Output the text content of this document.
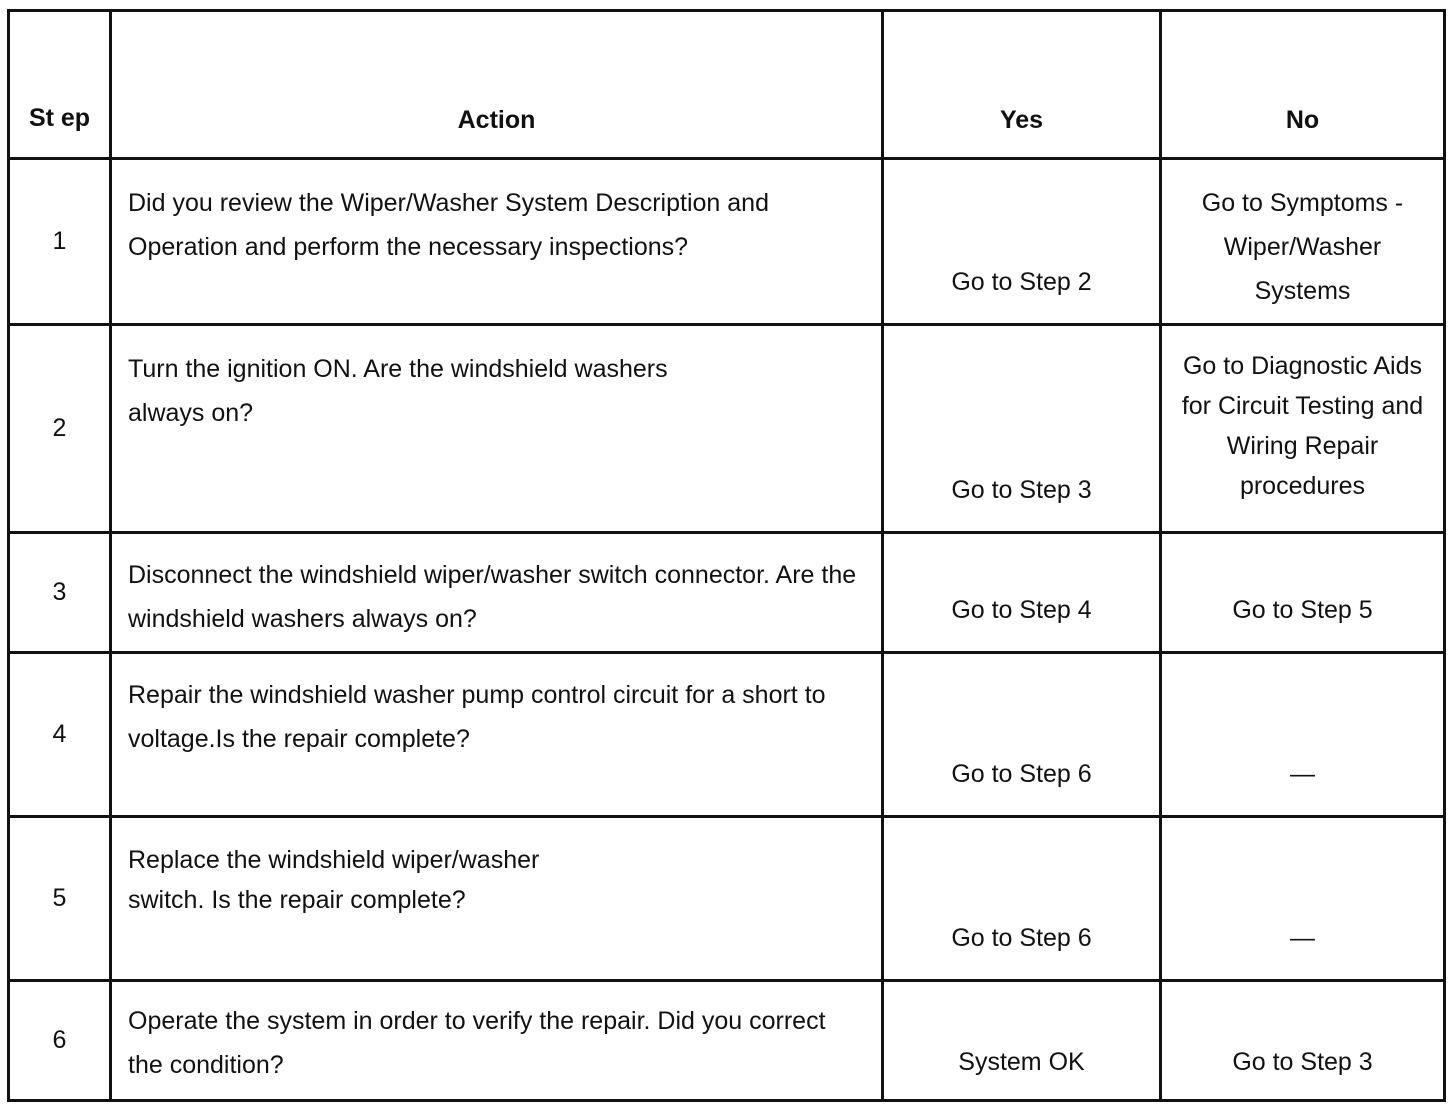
St ep	Action	Yes	No
1	Did you review the Wiper/Washer System Description and Operation and perform the necessary inspections?	Go to Step 2	Go to Symptoms - Wiper/Washer Systems
2	Turn the ignition ON. Are the windshield washers always on?	Go to Step 3	Go to Diagnostic Aids for Circuit Testing and Wiring Repair procedures
3	Disconnect the windshield wiper/washer switch connector. Are the windshield washers always on?	Go to Step 4	Go to Step 5
4	Repair the windshield washer pump control circuit for a short to voltage.Is the repair complete?	Go to Step 6	—
5	Replace the windshield wiper/washer switch. Is the repair complete?	Go to Step 6	—
6	Operate the system in order to verify the repair. Did you correct the condition?	System OK	Go to Step 3
